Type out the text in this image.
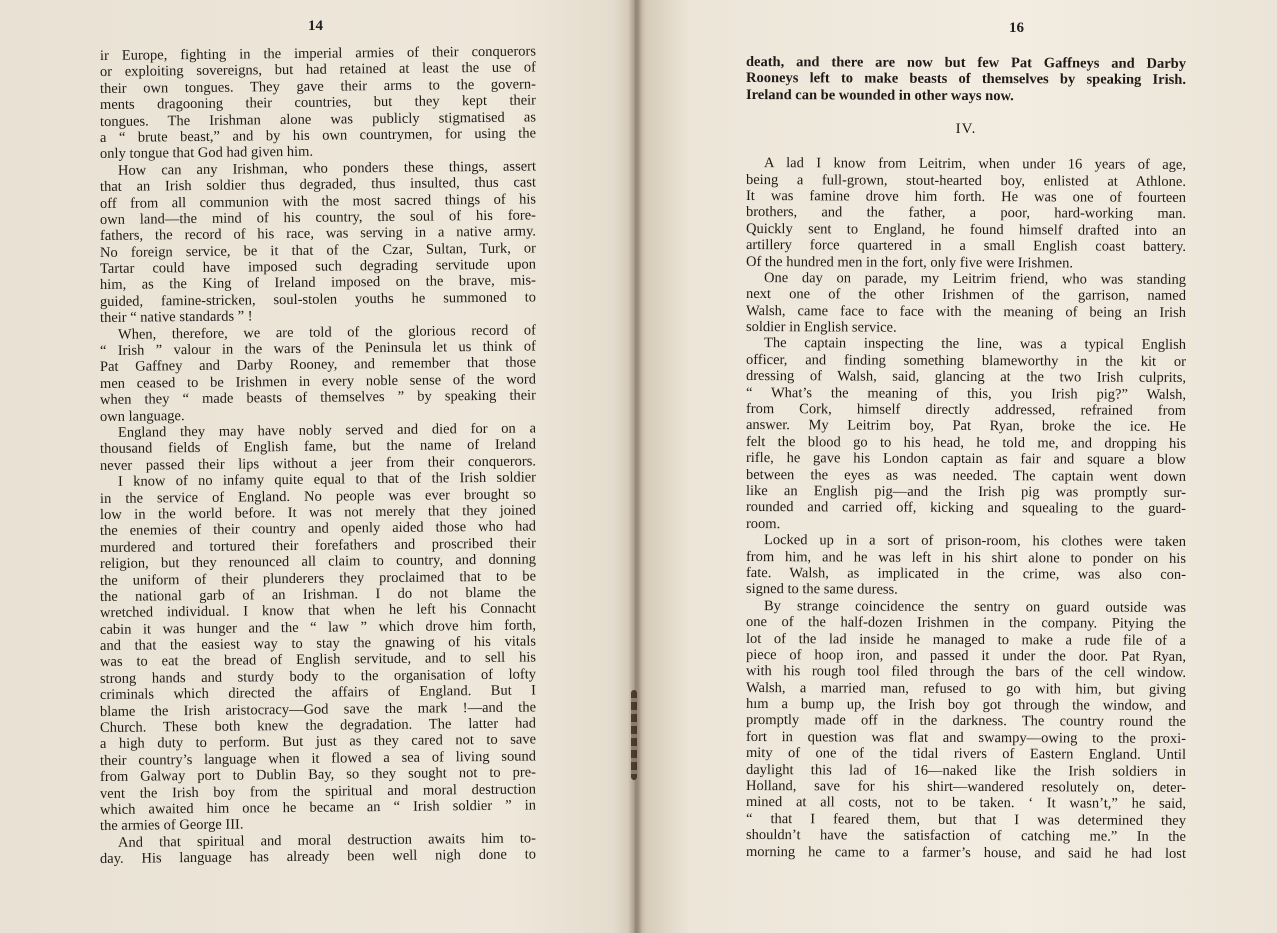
14
ir Europe, fighting in the imperial armies of their conquerors
or exploiting sovereigns, but had retained at least the use of
their own tongues. They gave their arms to the govern-
ments dragooning their countries, but they kept their
tongues. The Irishman alone was publicly stigmatised as
a “ brute beast,” and by his own countrymen, for using the
only tongue that God had given him.
How can any Irishman, who ponders these things, assert
that an Irish soldier thus degraded, thus insulted, thus cast
off from all communion with the most sacred things of his
own land—the mind of his country, the soul of his fore-
fathers, the record of his race, was serving in a native army.
No foreign service, be it that of the Czar, Sultan, Turk, or
Tartar could have imposed such degrading servitude upon
him, as the King of Ireland imposed on the brave, mis-
guided, famine-stricken, soul-stolen youths he summoned to
their “ native standards ” !
When, therefore, we are told of the glorious record of
“ Irish ” valour in the wars of the Peninsula let us think of
Pat Gaffney and Darby Rooney, and remember that those
men ceased to be Irishmen in every noble sense of the word
when they “ made beasts of themselves ” by speaking their
own language.
England they may have nobly served and died for on a
thousand fields of English fame, but the name of Ireland
never passed their lips without a jeer from their conquerors.
I know of no infamy quite equal to that of the Irish soldier
in the service of England. No people was ever brought so
low in the world before. It was not merely that they joined
the enemies of their country and openly aided those who had
murdered and tortured their forefathers and proscribed their
religion, but they renounced all claim to country, and donning
the uniform of their plunderers they proclaimed that to be
the national garb of an Irishman. I do not blame the
wretched individual. I know that when he left his Connacht
cabin it was hunger and the “ law ” which drove him forth,
and that the easiest way to stay the gnawing of his vitals
was to eat the bread of English servitude, and to sell his
strong hands and sturdy body to the organisation of lofty
criminals which directed the affairs of England. But I
blame the Irish aristocracy—God save the mark !—and the
Church. These both knew the degradation. The latter had
a high duty to perform. But just as they cared not to save
their country’s language when it flowed a sea of living sound
from Galway port to Dublin Bay, so they sought not to pre-
vent the Irish boy from the spiritual and moral destruction
which awaited him once he became an “ Irish soldier ” in
the armies of George III.
And that spiritual and moral destruction awaits him to-
day. His language has already been well nigh done to
16
death, and there are now but few Pat Gaffneys and Darby
Rooneys left to make beasts of themselves by speaking Irish.
Ireland can be wounded in other ways now.
IV.
A lad I know from Leitrim, when under 16 years of age,
being a full-grown, stout-hearted boy, enlisted at Athlone.
It was famine drove him forth. He was one of fourteen
brothers, and the father, a poor, hard-working man.
Quickly sent to England, he found himself drafted into an
artillery force quartered in a small English coast battery.
Of the hundred men in the fort, only five were Irishmen.
One day on parade, my Leitrim friend, who was standing
next one of the other Irishmen of the garrison, named
Walsh, came face to face with the meaning of being an Irish
soldier in English service.
The captain inspecting the line, was a typical English
officer, and finding something blameworthy in the kit or
dressing of Walsh, said, glancing at the two Irish culprits,
“ What’s the meaning of this, you Irish pig?” Walsh,
from Cork, himself directly addressed, refrained from
answer. My Leitrim boy, Pat Ryan, broke the ice. He
felt the blood go to his head, he told me, and dropping his
rifle, he gave his London captain as fair and square a blow
between the eyes as was needed. The captain went down
like an English pig—and the Irish pig was promptly sur-
rounded and carried off, kicking and squealing to the guard-
room.
Locked up in a sort of prison-room, his clothes were taken
from him, and he was left in his shirt alone to ponder on his
fate. Walsh, as implicated in the crime, was also con-
signed to the same duress.
By strange coincidence the sentry on guard outside was
one of the half-dozen Irishmen in the company. Pitying the
lot of the lad inside he managed to make a rude file of a
piece of hoop iron, and passed it under the door. Pat Ryan,
with his rough tool filed through the bars of the cell window.
Walsh, a married man, refused to go with him, but giving
hım a bump up, the Irish boy got through the window, and
promptly made off in the darkness. The country round the
fort in question was flat and swampy—owing to the proxi-
mity of one of the tidal rivers of Eastern England. Until
daylight this lad of 16—naked like the Irish soldiers in
Holland, save for his shirt—wandered resolutely on, deter-
mined at all costs, not to be taken. ‘ It wasn’t,” he said,
“ that I feared them, but that I was determined they
shouldn’t have the satisfaction of catching me.” In the
morning he came to a farmer’s house, and said he had lost
